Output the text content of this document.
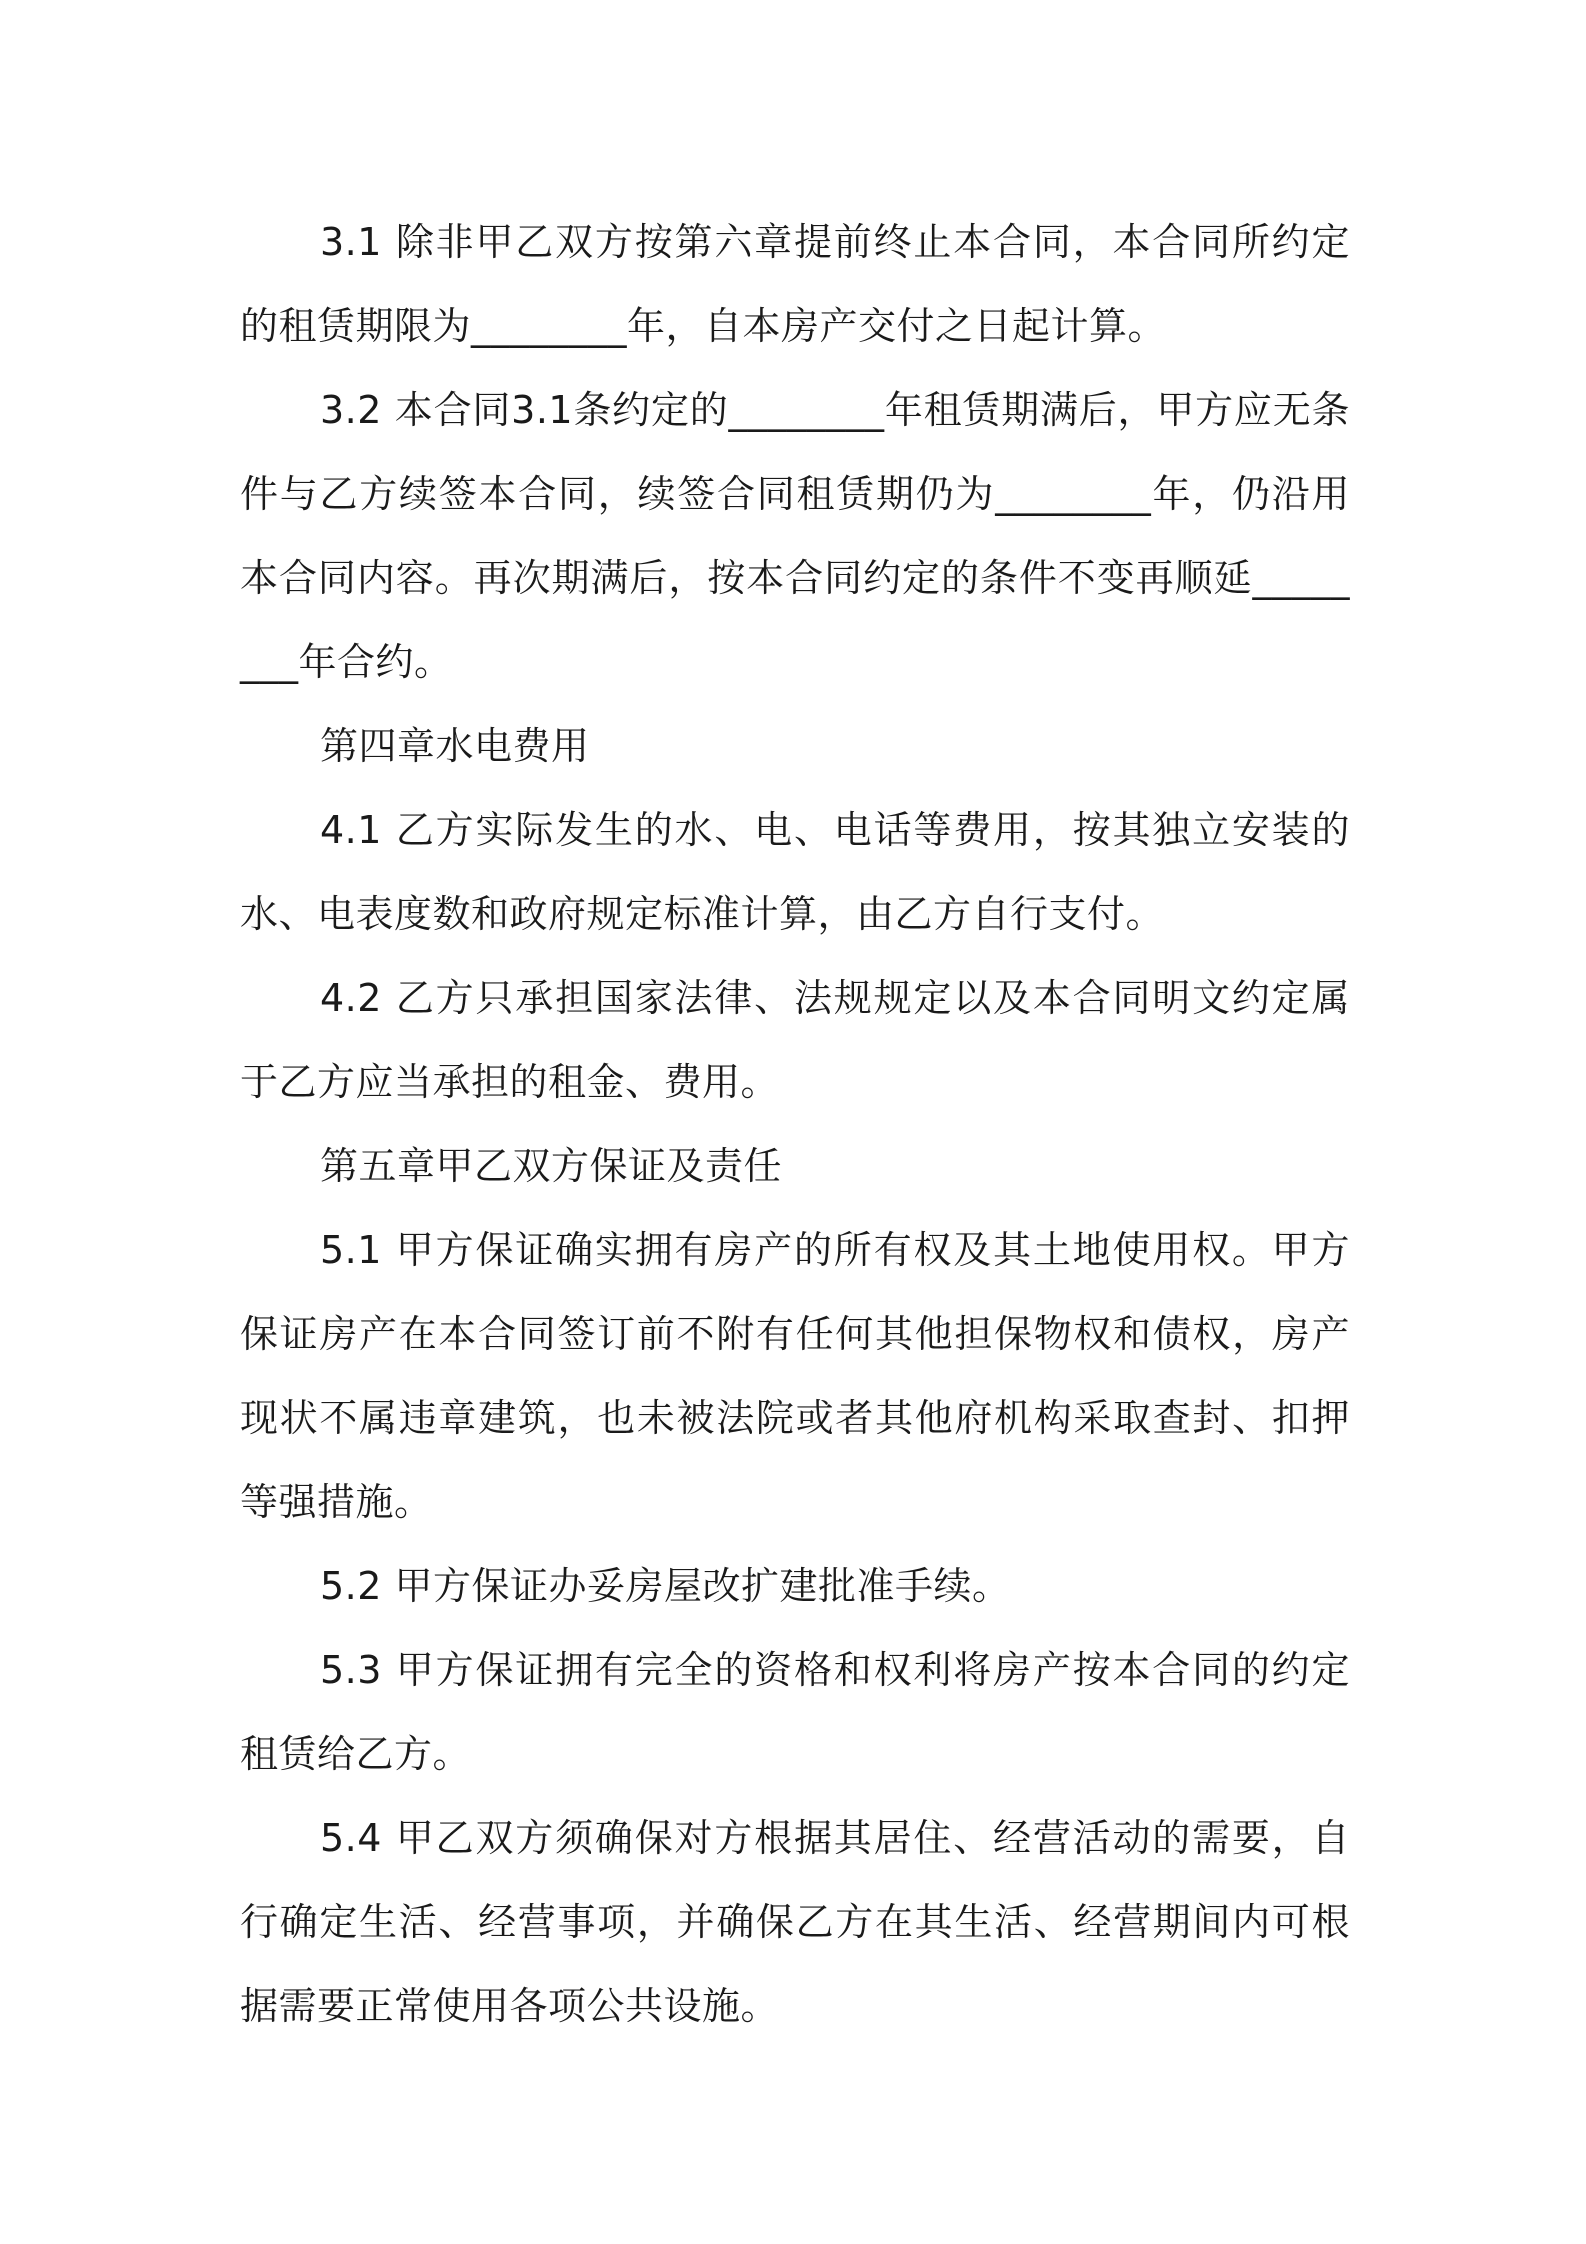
3.1 除非甲乙双方按第六章提前终止本合同，本合同所约定的租赁期限为________年，自本房产交付之日起计算。

3.2 本合同3.1条约定的________年租赁期满后，甲方应无条件与乙方续签本合同，续签合同租赁期仍为________年，仍沿用本合同内容。再次期满后，按本合同约定的条件不变再顺延________年合约。

第四章水电费用

4.1 乙方实际发生的水、电、电话等费用，按其独立安装的水、电表度数和政府规定标准计算，由乙方自行支付。

4.2 乙方只承担国家法律、法规规定以及本合同明文约定属于乙方应当承担的租金、费用。

第五章甲乙双方保证及责任

5.1 甲方保证确实拥有房产的所有权及其土地使用权。甲方保证房产在本合同签订前不附有任何其他担保物权和债权，房产现状不属违章建筑，也未被法院或者其他府机构采取查封、扣押等强措施。

5.2 甲方保证办妥房屋改扩建批准手续。

5.3 甲方保证拥有完全的资格和权利将房产按本合同的约定租赁给乙方。

5.4 甲乙双方须确保对方根据其居住、经营活动的需要，自行确定生活、经营事项，并确保乙方在其生活、经营期间内可根据需要正常使用各项公共设施。
